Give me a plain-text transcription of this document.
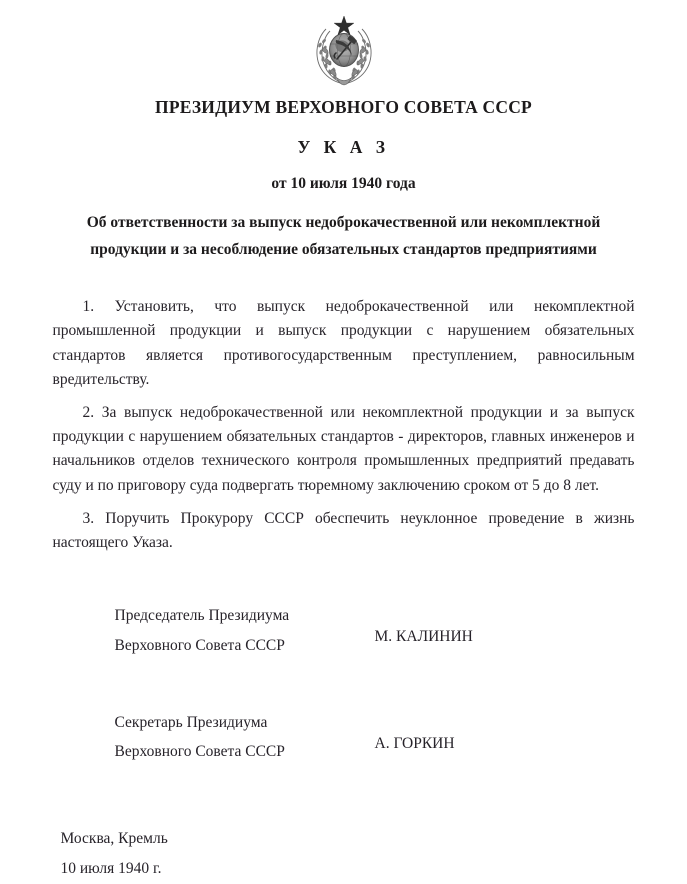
ПРЕЗИДИУМ ВЕРХОВНОГО СОВЕТА СССР
У К А З
от 10 июля 1940 года
Об ответственности за выпуск недоброкачественной или некомплектной
продукции и за несоблюдение обязательных стандартов предприятиями

1. Установить, что выпуск недоброкачественной или некомплектной промышленной продукции и выпуск продукции с нарушением обязательных стандартов является противогосударственным преступлением, равносильным вредительству.

2. За выпуск недоброкачественной или некомплектной продукции и за выпуск продукции с нарушением обязательных стандартов - директоров, главных инженеров и начальников отделов технического контроля промышленных предприятий предавать суду и по приговору суда подвергать тюремному заключению сроком от 5 до 8 лет.

3. Поручить Прокурору СССР обеспечить неуклонное проведение в жизнь настоящего Указа.

Председатель Президиума
Верховного Совета СССР
М. КАЛИНИН
Секретарь Президиума
Верховного Совета СССР
А. ГОРКИН
Москва, Кремль
10 июля 1940 г.
